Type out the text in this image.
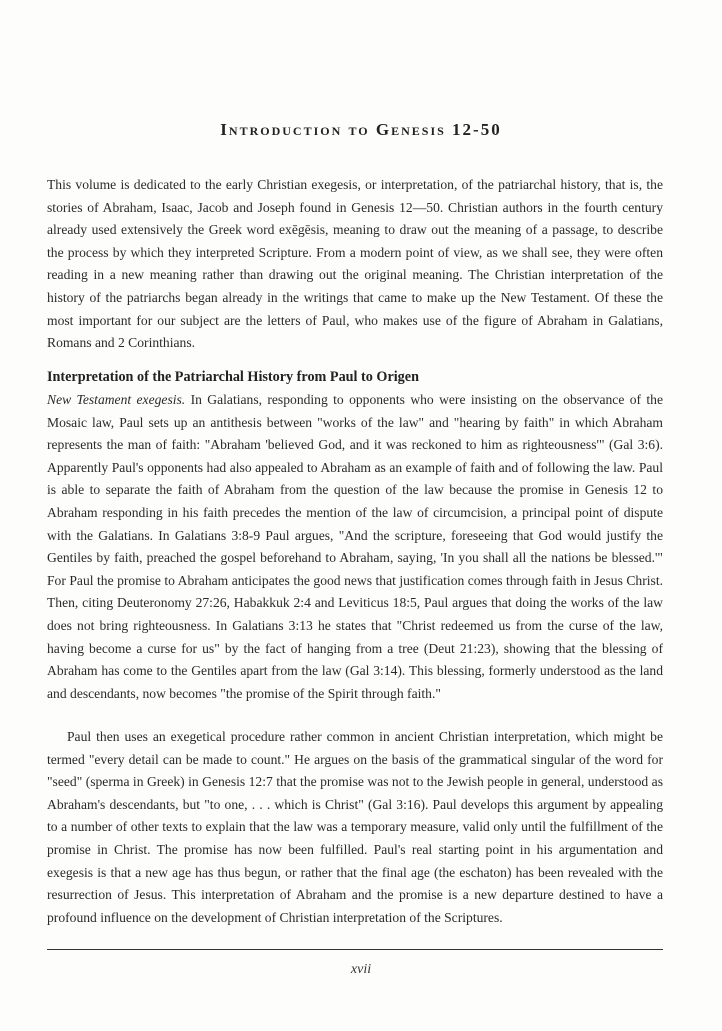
Introduction to Genesis 12-50

This volume is dedicated to the early Christian exegesis, or interpretation, of the patriarchal history, that is, the stories of Abraham, Isaac, Jacob and Joseph found in Genesis 12—50. Christian authors in the fourth century already used extensively the Greek word exēgēsis, meaning to draw out the meaning of a passage, to describe the process by which they interpreted Scripture. From a modern point of view, as we shall see, they were often reading in a new meaning rather than drawing out the original meaning. The Christian interpretation of the history of the patriarchs began already in the writings that came to make up the New Testament. Of these the most important for our subject are the letters of Paul, who makes use of the figure of Abraham in Galatians, Romans and 2 Corinthians.

Interpretation of the Patriarchal History from Paul to Origen

New Testament exegesis. In Galatians, responding to opponents who were insisting on the observance of the Mosaic law, Paul sets up an antithesis between "works of the law" and "hearing by faith" in which Abraham represents the man of faith: "Abraham 'believed God, and it was reckoned to him as righteousness'" (Gal 3:6). Apparently Paul's opponents had also appealed to Abraham as an example of faith and of following the law. Paul is able to separate the faith of Abraham from the question of the law because the promise in Genesis 12 to Abraham responding in his faith precedes the mention of the law of circumcision, a principal point of dispute with the Galatians. In Galatians 3:8-9 Paul argues, "And the scripture, foreseeing that God would justify the Gentiles by faith, preached the gospel beforehand to Abraham, saying, 'In you shall all the nations be blessed.'" For Paul the promise to Abraham anticipates the good news that justification comes through faith in Jesus Christ. Then, citing Deuteronomy 27:26, Habakkuk 2:4 and Leviticus 18:5, Paul argues that doing the works of the law does not bring righteousness. In Galatians 3:13 he states that "Christ redeemed us from the curse of the law, having become a curse for us" by the fact of hanging from a tree (Deut 21:23), showing that the blessing of Abraham has come to the Gentiles apart from the law (Gal 3:14). This blessing, formerly understood as the land and descendants, now becomes "the promise of the Spirit through faith."

Paul then uses an exegetical procedure rather common in ancient Christian interpretation, which might be termed "every detail can be made to count." He argues on the basis of the grammatical singular of the word for "seed" (sperma in Greek) in Genesis 12:7 that the promise was not to the Jewish people in general, understood as Abraham's descendants, but "to one, . . . which is Christ" (Gal 3:16). Paul develops this argument by appealing to a number of other texts to explain that the law was a temporary measure, valid only until the fulfillment of the promise in Christ. The promise has now been fulfilled. Paul's real starting point in his argumentation and exegesis is that a new age has thus begun, or rather that the final age (the eschaton) has been revealed with the resurrection of Jesus. This interpretation of Abraham and the promise is a new departure destined to have a profound influence on the development of Christian interpretation of the Scriptures.

xvii
